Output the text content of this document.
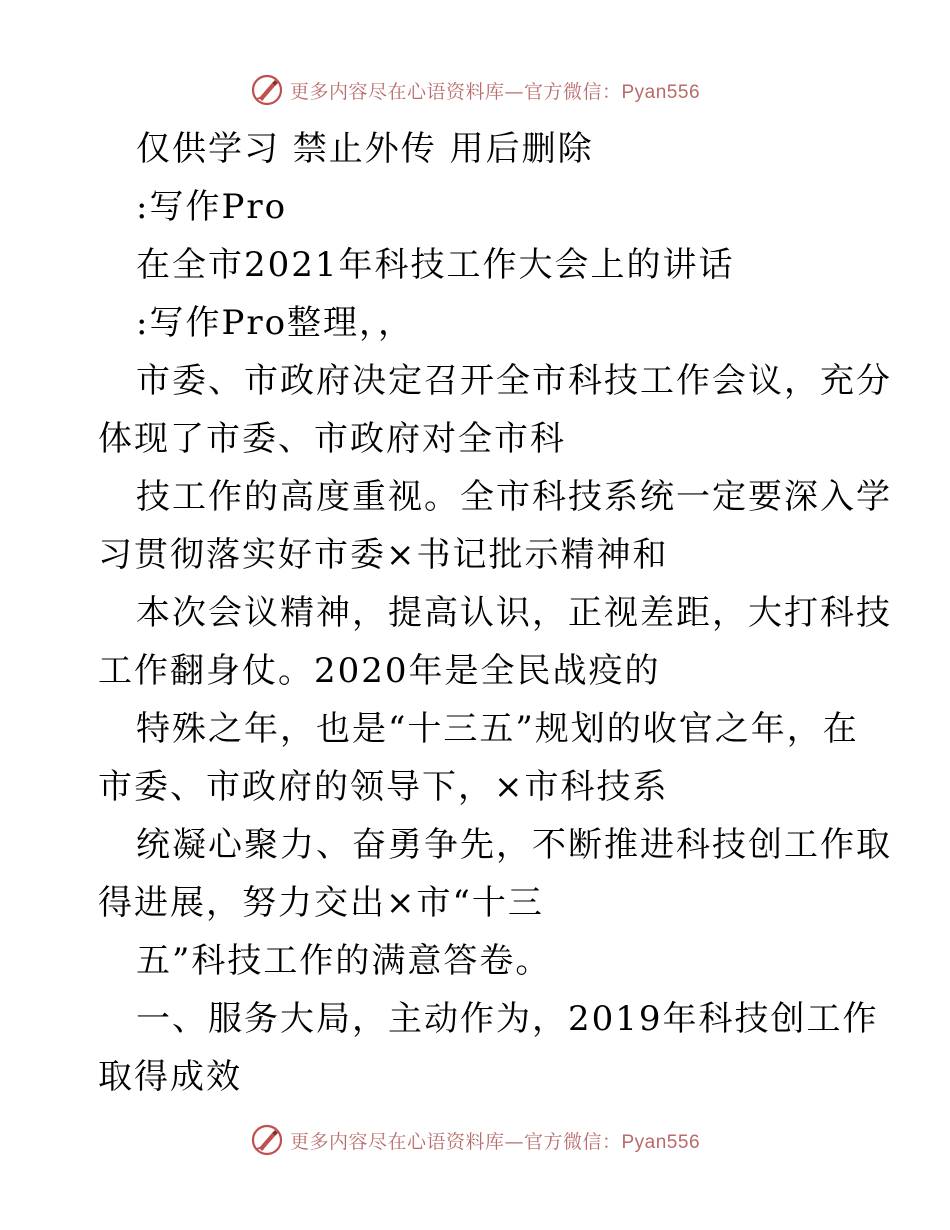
更多内容尽在心语资料库—官方微信：Pyan556

仅供学习 禁止外传 用后删除

:写作Pro

在全市2021年科技工作大会上的讲话

:写作Pro整理，，

市委、市政府决定召开全市科技工作会议，充分

体现了市委、市政府对全市科

技工作的高度重视。全市科技系统一定要深入学

习贯彻落实好市委×书记批示精神和

本次会议精神，提高认识，正视差距，大打科技

工作翻身仗。2020年是全民战疫的

特殊之年，也是“十三五”规划的收官之年，在

市委、市政府的领导下，×市科技系

统凝心聚力、奋勇争先，不断推进科技创工作取

得进展，努力交出×市“十三

五”科技工作的满意答卷。

一、服务大局，主动作为，2019年科技创工作

取得成效

更多内容尽在心语资料库—官方微信：Pyan556
